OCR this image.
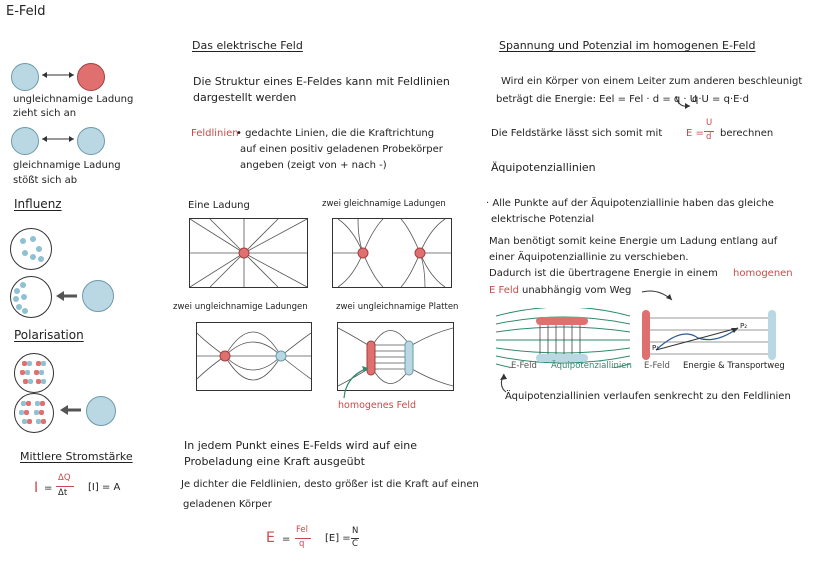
E-Feld
ungleichnamige Ladung
zieht sich an
gleichnamige Ladung
stößt sich ab
Influenz
Polarisation
Mittlere Stromstärke
I =
ΔQ
Δt [I] = A
Das elektrische Feld
Die Struktur eines E-Feldes kann mit Feldlinien
dargestellt werden
Feldlinien
• gedachte Linien, die die Kraftrichtung
auf einen positiv geladenen Probekörper
angeben (zeigt von + nach -)
Eine Ladung	zwei gleichnamige Ladungen
zwei ungleichnamige Ladungen	zwei ungleichnamige Platten
homogenes Feld
In jedem Punkt eines E-Felds wird auf eine
Probeladung eine Kraft ausgeübt
Je dichter die Feldlinien, desto größer ist die Kraft auf einen
geladenen Körper
E =
Fel
q [E] =
N
C
Spannung und Potenzial im homogenen E-Feld
Wird ein Körper von einem Leiter zum anderen beschleunigt
beträgt die Energie: Eel = Fel · d = q · U
q·U = q·E·d
Die Feldstärke lässt sich somit mit E =
U
d berechnen
Äquipotenziallinien
· Alle Punkte auf der Äquipotenziallinie haben das gleiche
elektrische Potenzial
Man benötigt somit keine Energie um Ladung entlang auf
einer Äquipotenziallinie zu verschieben.
Dadurch ist die übertragene Energie in einem homogenen
E Feld unabhängig vom Weg
E-Feld Äquipotenziallinien
P₁
P₂
E-Feld Energie & Transportweg
Äquipotenziallinien verlaufen senkrecht zu den Feldlinien
